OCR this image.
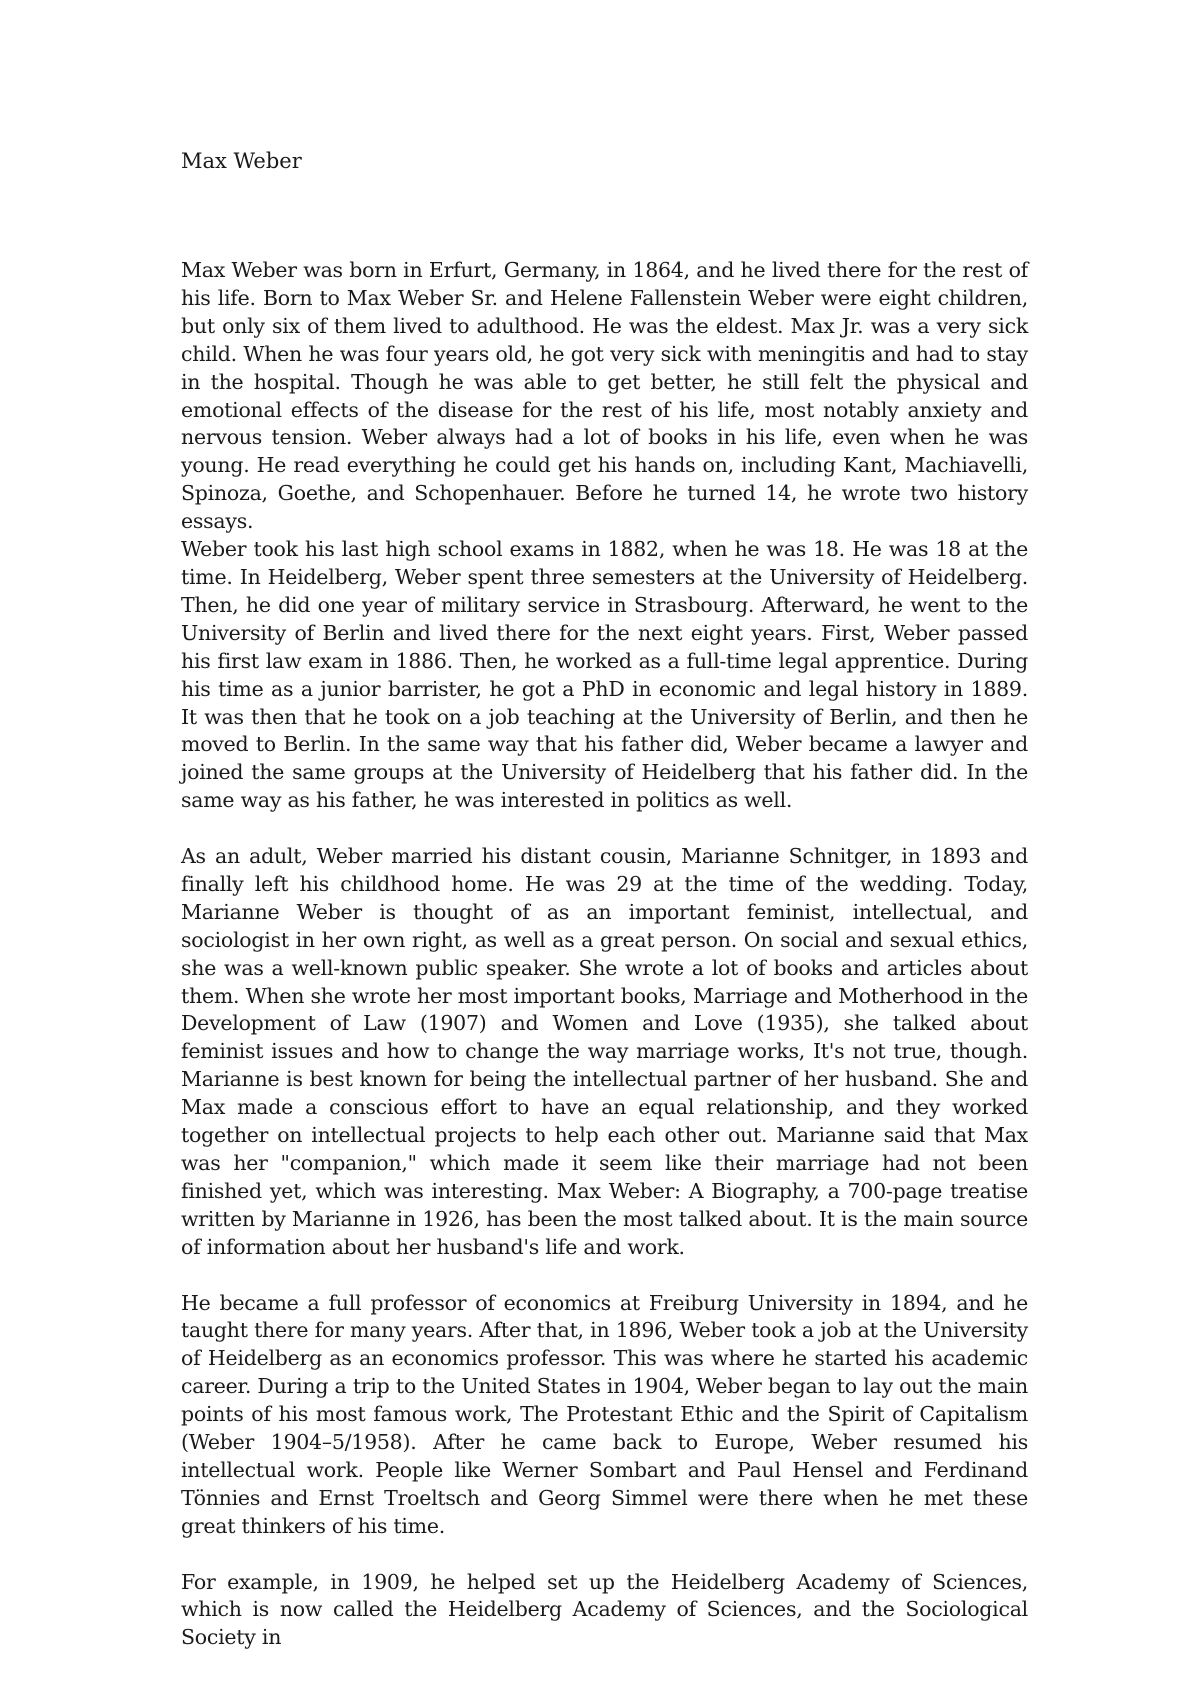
Max Weber

Max Weber was born in Erfurt, Germany, in 1864, and he lived there for the rest of his life. Born to Max Weber Sr. and Helene Fallenstein Weber were eight children, but only six of them lived to adulthood. He was the eldest. Max Jr. was a very sick child. When he was four years old, he got very sick with meningitis and had to stay in the hospital. Though he was able to get better, he still felt the physical and emotional effects of the disease for the rest of his life, most notably anxiety and nervous tension. Weber always had a lot of books in his life, even when he was young. He read everything he could get his hands on, including Kant, Machiavelli, Spinoza, Goethe, and Schopenhauer. Before he turned 14, he wrote two history essays.

Weber took his last high school exams in 1882, when he was 18. He was 18 at the time. In Heidelberg, Weber spent three semesters at the University of Heidelberg. Then, he did one year of military service in Strasbourg. Afterward, he went to the University of Berlin and lived there for the next eight years. First, Weber passed his first law exam in 1886. Then, he worked as a full-time legal apprentice. During his time as a junior barrister, he got a PhD in economic and legal history in 1889. It was then that he took on a job teaching at the University of Berlin, and then he moved to Berlin. In the same way that his father did, Weber became a lawyer and joined the same groups at the University of Heidelberg that his father did. In the same way as his father, he was interested in politics as well.

As an adult, Weber married his distant cousin, Marianne Schnitger, in 1893 and finally left his childhood home. He was 29 at the time of the wedding. Today, Marianne Weber is thought of as an important feminist, intellectual, and sociologist in her own right, as well as a great person. On social and sexual ethics, she was a well-known public speaker. She wrote a lot of books and articles about them. When she wrote her most important books, Marriage and Motherhood in the Development of Law (1907) and Women and Love (1935), she talked about feminist issues and how to change the way marriage works, It's not true, though. Marianne is best known for being the intellectual partner of her husband. She and Max made a conscious effort to have an equal relationship, and they worked together on intellectual projects to help each other out. Marianne said that Max was her "companion," which made it seem like their marriage had not been finished yet, which was interesting. Max Weber: A Biography, a 700-page treatise written by Marianne in 1926, has been the most talked about. It is the main source of information about her husband's life and work.

He became a full professor of economics at Freiburg University in 1894, and he taught there for many years. After that, in 1896, Weber took a job at the University of Heidelberg as an economics professor. This was where he started his academic career. During a trip to the United States in 1904, Weber began to lay out the main points of his most famous work, The Protestant Ethic and the Spirit of Capitalism (Weber 1904–5/1958). After he came back to Europe, Weber resumed his intellectual work. People like Werner Sombart and Paul Hensel and Ferdinand Tönnies and Ernst Troeltsch and Georg Simmel were there when he met these great thinkers of his time.

For example, in 1909, he helped set up the Heidelberg Academy of Sciences, which is now called the Heidelberg Academy of Sciences, and the Sociological Society in
